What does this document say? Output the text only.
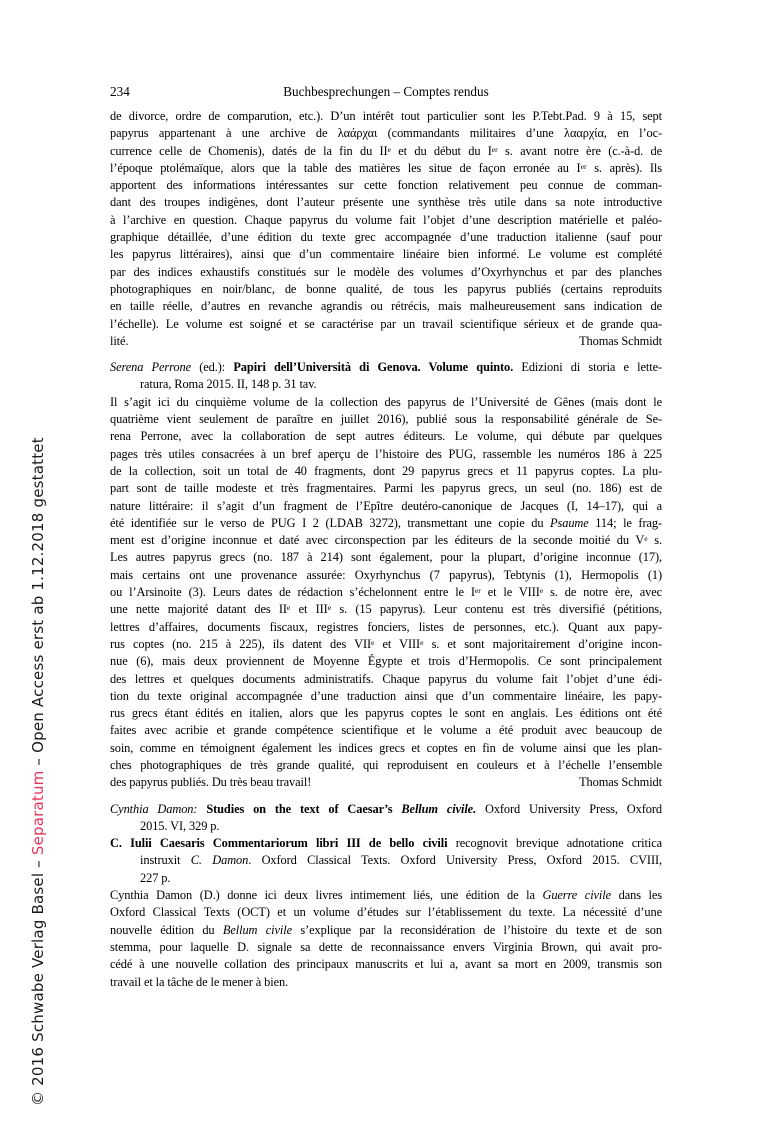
234	Buchbesprechungen – Comptes rendus
de divorce, ordre de comparution, etc.). D’un intérêt tout particulier sont les P.Tebt.Pad. 9 à 15, sept
papyrus appartenant à une archive de λαάρχαι (commandants militaires d’une λααρχία, en l’oc-
currence celle de Chomenis), datés de la fin du IIe et du début du Ier s. avant notre ère (c.-à-d. de
l’époque ptolémaïque, alors que la table des matières les situe de façon erronée au Ier s. après). Ils
apportent des informations intéressantes sur cette fonction relativement peu connue de comman-
dant des troupes indigènes, dont l’auteur présente une synthèse très utile dans sa note introductive
à l’archive en question. Chaque papyrus du volume fait l’objet d’une description matérielle et paléo-
graphique détaillée, d’une édition du texte grec accompagnée d’une traduction italienne (sauf pour
les papyrus littéraires), ainsi que d’un commentaire linéaire bien informé. Le volume est complété
par des indices exhaustifs constitués sur le modèle des volumes d’Oxyrhynchus et par des planches
photographiques en noir/blanc, de bonne qualité, de tous les papyrus publiés (certains reproduits
en taille réelle, d’autres en revanche agrandis ou rétrécis, mais malheureusement sans indication de
l’échelle). Le volume est soigné et se caractérise par un travail scientifique sérieux et de grande qua-
lité.	Thomas Schmidt
Serena Perrone (ed.): Papiri dell’Università di Genova. Volume quinto. Edizioni di storia e lette-
ratura, Roma 2015. II, 148 p. 31 tav.
Il s’agit ici du cinquième volume de la collection des papyrus de l’Université de Gênes (mais dont le
quatrième vient seulement de paraître en juillet 2016), publié sous la responsabilité générale de Se-
rena Perrone, avec la collaboration de sept autres éditeurs. Le volume, qui débute par quelques
pages très utiles consacrées à un bref aperçu de l’histoire des PUG, rassemble les numéros 186 à 225
de la collection, soit un total de 40 fragments, dont 29 papyrus grecs et 11 papyrus coptes. La plu-
part sont de taille modeste et très fragmentaires. Parmi les papyrus grecs, un seul (no. 186) est de
nature littéraire: il s’agit d’un fragment de l’Epître deutéro-canonique de Jacques (I, 14–17), qui a
été identifiée sur le verso de PUG I 2 (LDAB 3272), transmettant une copie du Psaume 114; le frag-
ment est d’origine inconnue et daté avec circonspection par les éditeurs de la seconde moitié du Ve s.
Les autres papyrus grecs (no. 187 à 214) sont également, pour la plupart, d’origine inconnue (17),
mais certains ont une provenance assurée: Oxyrhynchus (7 papyrus), Tebtynis (1), Hermopolis (1)
ou l’Arsinoite (3). Leurs dates de rédaction s’échelonnent entre le Ier et le VIIIe s. de notre ère, avec
une nette majorité datant des IIe et IIIe s. (15 papyrus). Leur contenu est très diversifié (pétitions,
lettres d’affaires, documents fiscaux, registres fonciers, listes de personnes, etc.). Quant aux papy-
rus coptes (no. 215 à 225), ils datent des VIIe et VIIIe s. et sont majoritairement d’origine incon-
nue (6), mais deux proviennent de Moyenne Égypte et trois d’Hermopolis. Ce sont principalement
des lettres et quelques documents administratifs. Chaque papyrus du volume fait l’objet d’une édi-
tion du texte original accompagnée d’une traduction ainsi que d’un commentaire linéaire, les papy-
rus grecs étant édités en italien, alors que les papyrus coptes le sont en anglais. Les éditions ont été
faites avec acribie et grande compétence scientifique et le volume a été produit avec beaucoup de
soin, comme en témoignent également les indices grecs et coptes en fin de volume ainsi que les plan-
ches photographiques de très grande qualité, qui reproduisent en couleurs et à l’échelle l’ensemble
des papyrus publiés. Du très beau travail!	Thomas Schmidt
Cynthia Damon: Studies on the text of Caesar’s Bellum civile. Oxford University Press, Oxford
2015. VI, 329 p.
C. Iulii Caesaris Commentariorum libri III de bello civili recognovit brevique adnotatione critica
instruxit C. Damon. Oxford Classical Texts. Oxford University Press, Oxford 2015. CVIII,
227 p.
Cynthia Damon (D.) donne ici deux livres intimement liés, une édition de la Guerre civile dans les
Oxford Classical Texts (OCT) et un volume d’études sur l’établissement du texte. La nécessité d’une
nouvelle édition du Bellum civile s’explique par la reconsidération de l’histoire du texte et de son
stemma, pour laquelle D. signale sa dette de reconnaissance envers Virginia Brown, qui avait pro-
cédé à une nouvelle collation des principaux manuscrits et lui a, avant sa mort en 2009, transmis son
travail et la tâche de le mener à bien.
© 2016 Schwabe Verlag Basel – Separatum – Open Access erst ab 1.12.2018 gestattet
